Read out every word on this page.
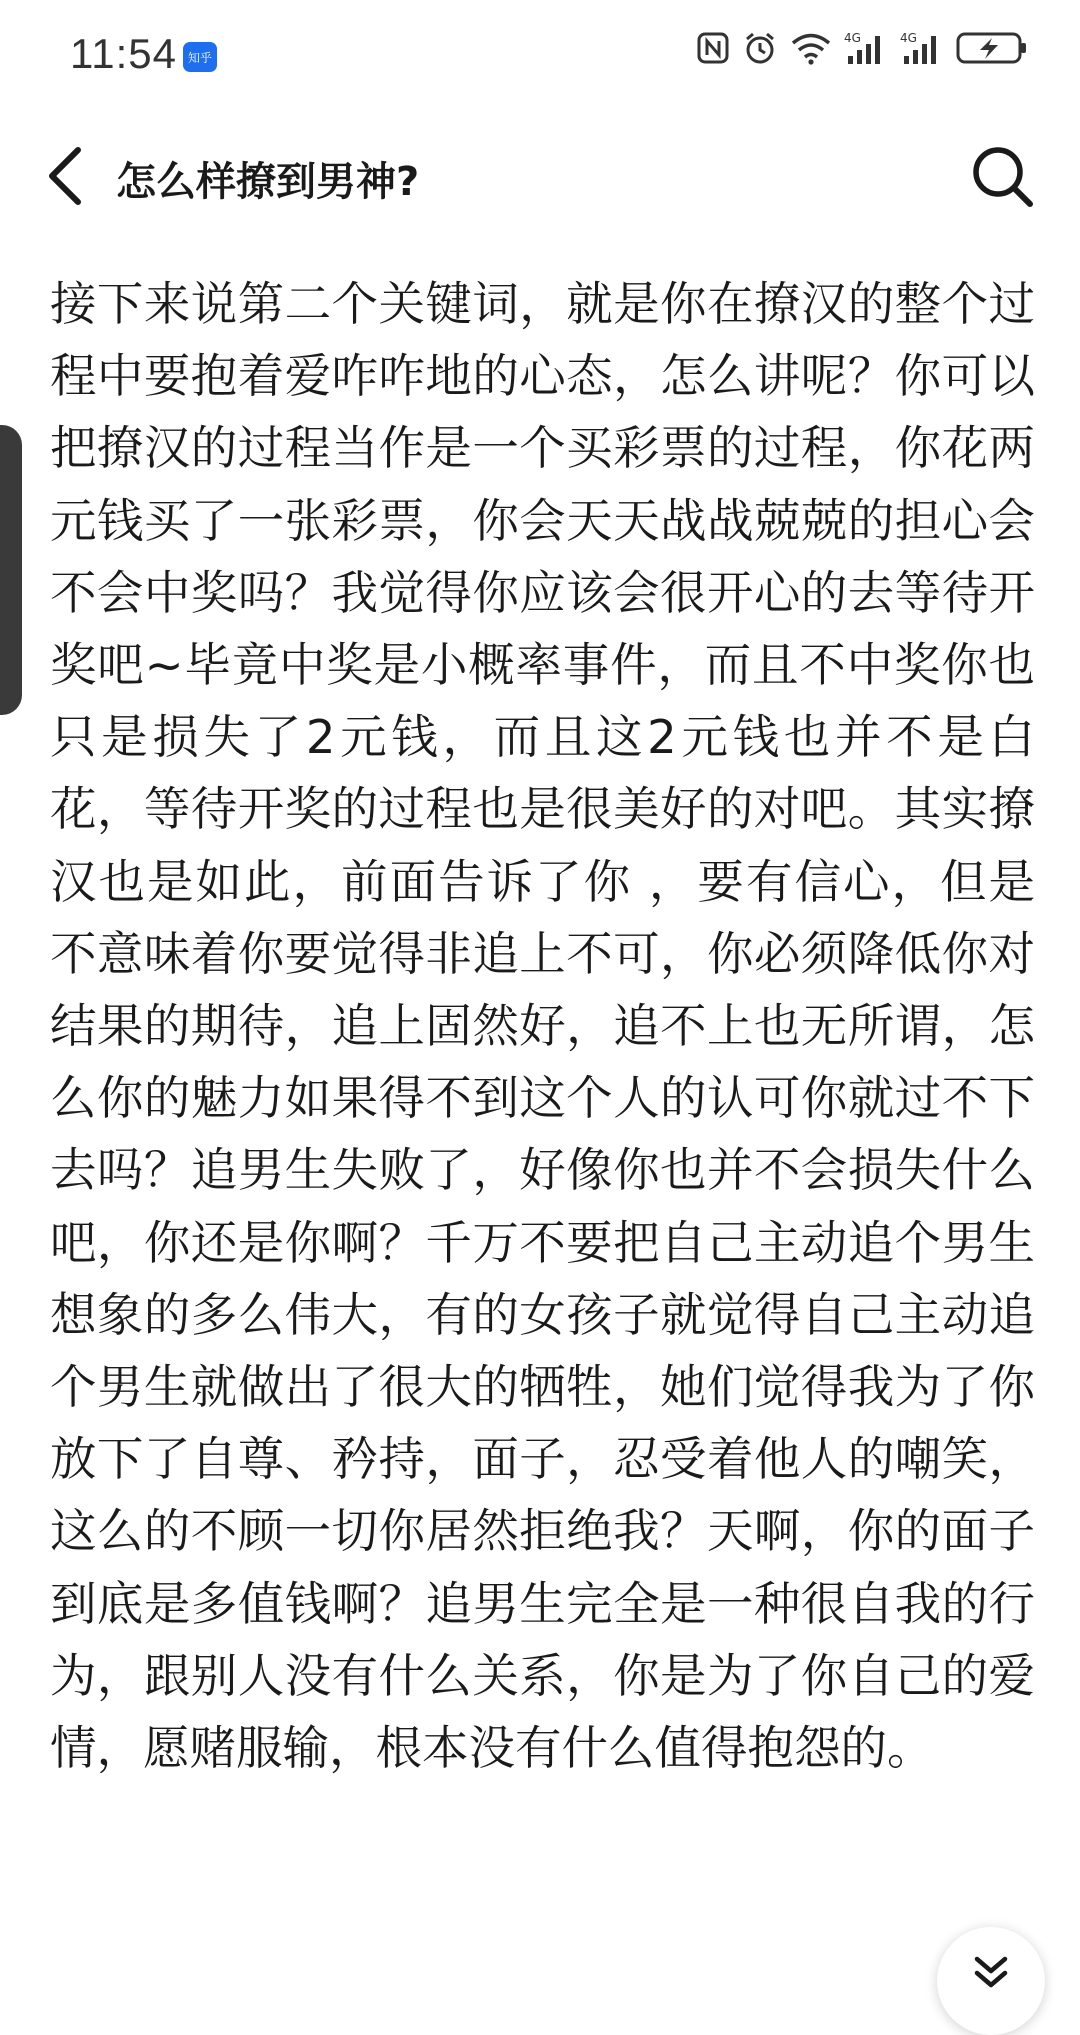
11:54 知乎
4G	4G
怎么样撩到男神?
接下来说第二个关键词，就是你在撩汉的整个过程中要抱着爱咋咋地的心态，怎么讲呢？你可以把撩汉的过程当作是一个买彩票的过程，你花两元钱买了一张彩票，你会天天战战兢兢的担心会不会中奖吗？我觉得你应该会很开心的去等待开奖吧~毕竟中奖是小概率事件，而且不中奖你也只是损失了2元钱，而且这2元钱也并不是白花，等待开奖的过程也是很美好的对吧。其实撩汉也是如此，前面告诉了你 ，要有信心，但是不意味着你要觉得非追上不可，你必须降低你对结果的期待，追上固然好，追不上也无所谓，怎么你的魅力如果得不到这个人的认可你就过不下去吗？追男生失败了，好像你也并不会损失什么吧，你还是你啊？千万不要把自己主动追个男生想象的多么伟大，有的女孩子就觉得自己主动追个男生就做出了很大的牺牲，她们觉得我为了你放下了自尊、矜持，面子，忍受着他人的嘲笑，这么的不顾一切你居然拒绝我？天啊，你的面子到底是多值钱啊？追男生完全是一种很自我的行为，跟别人没有什么关系，你是为了你自己的爱情，愿赌服输，根本没有什么值得抱怨的。
